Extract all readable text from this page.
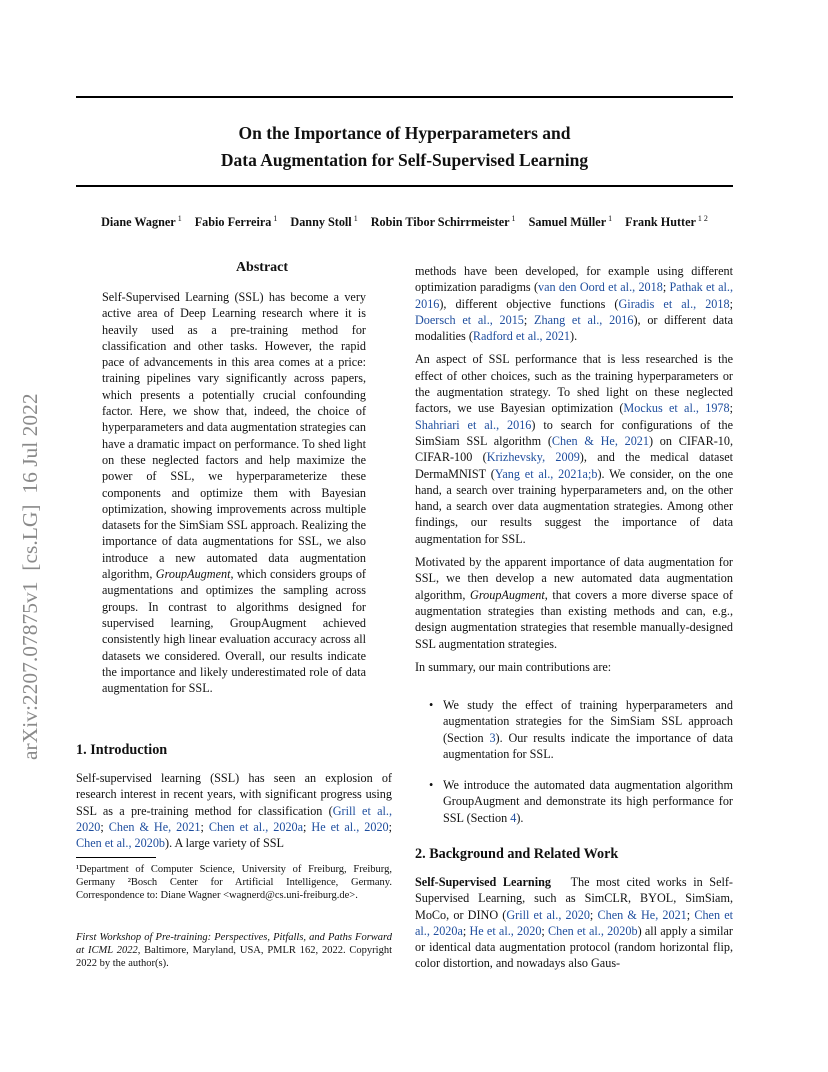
On the Importance of Hyperparameters and
Data Augmentation for Self-Supervised Learning
Diane Wagner $^1$ Fabio Ferreira $^1$ Danny Stoll $^1$ Robin Tibor Schirrmeister $^1$ Samuel Müller $^1$ Frank Hutter $^{1 2}$
arXiv:2207.07875v1  [cs.LG]  16 Jul 2022
Abstract
Self-Supervised Learning (SSL) has become a very active area of Deep Learning research where it is heavily used as a pre-training method for classification and other tasks. However, the rapid pace of advancements in this area comes at a price: training pipelines vary significantly across papers, which presents a potentially crucial confounding factor. Here, we show that, indeed, the choice of hyperparameters and data augmentation strategies can have a dramatic impact on performance. To shed light on these neglected factors and help maximize the power of SSL, we hyperparameterize these components and optimize them with Bayesian optimization, showing improvements across multiple datasets for the SimSiam SSL approach. Realizing the importance of data augmentations for SSL, we also introduce a new automated data augmentation algorithm, GroupAugment, which considers groups of augmentations and optimizes the sampling across groups. In contrast to algorithms designed for supervised learning, GroupAugment achieved consistently high linear evaluation accuracy across all datasets we considered. Overall, our results indicate the importance and likely underestimated role of data augmentation for SSL.
1. Introduction
Self-supervised learning (SSL) has seen an explosion of research interest in recent years, with significant progress using SSL as a pre-training method for classification (Grill et al., 2020; Chen & He, 2021; Chen et al., 2020a; He et al., 2020; Chen et al., 2020b). A large variety of SSL
¹Department of Computer Science, University of Freiburg, Freiburg, Germany ²Bosch Center for Artificial Intelligence, Germany. Correspondence to: Diane Wagner <wagnerd@cs.uni-freiburg.de>.
First Workshop of Pre-training: Perspectives, Pitfalls, and Paths Forward at ICML 2022, Baltimore, Maryland, USA, PMLR 162, 2022. Copyright 2022 by the author(s).

methods have been developed, for example using different optimization paradigms (van den Oord et al., 2018; Pathak et al., 2016), different objective functions (Giradis et al., 2018; Doersch et al., 2015; Zhang et al., 2016), or different data modalities (Radford et al., 2021).

An aspect of SSL performance that is less researched is the effect of other choices, such as the training hyperparameters or the augmentation strategy. To shed light on these neglected factors, we use Bayesian optimization (Mockus et al., 1978; Shahriari et al., 2016) to search for configurations of the SimSiam SSL algorithm (Chen & He, 2021) on CIFAR-10, CIFAR-100 (Krizhevsky, 2009), and the medical dataset DermaMNIST (Yang et al., 2021a;b). We consider, on the one hand, a search over training hyperparameters and, on the other hand, a search over data augmentation strategies. Among other findings, our results suggest the importance of data augmentation for SSL.

Motivated by the apparent importance of data augmentation for SSL, we then develop a new automated data augmentation algorithm, GroupAugment, that covers a more diverse space of augmentation strategies than existing methods and can, e.g., design augmentation strategies that resemble manually-designed SSL augmentation strategies.

In summary, our main contributions are:

• We study the effect of training hyperparameters and augmentation strategies for the SimSiam SSL approach (Section 3). Our results indicate the importance of data augmentation for SSL.
• We introduce the automated data augmentation algorithm GroupAugment and demonstrate its high performance for SSL (Section 4).
2. Background and Related Work
Self-Supervised Learning   The most cited works in Self-Supervised Learning, such as SimCLR, BYOL, SimSiam, MoCo, or DINO (Grill et al., 2020; Chen & He, 2021; Chen et al., 2020a; He et al., 2020; Chen et al., 2020b) all apply a similar or identical data augmentation protocol (random horizontal flip, color distortion, and nowadays also Gaus-
